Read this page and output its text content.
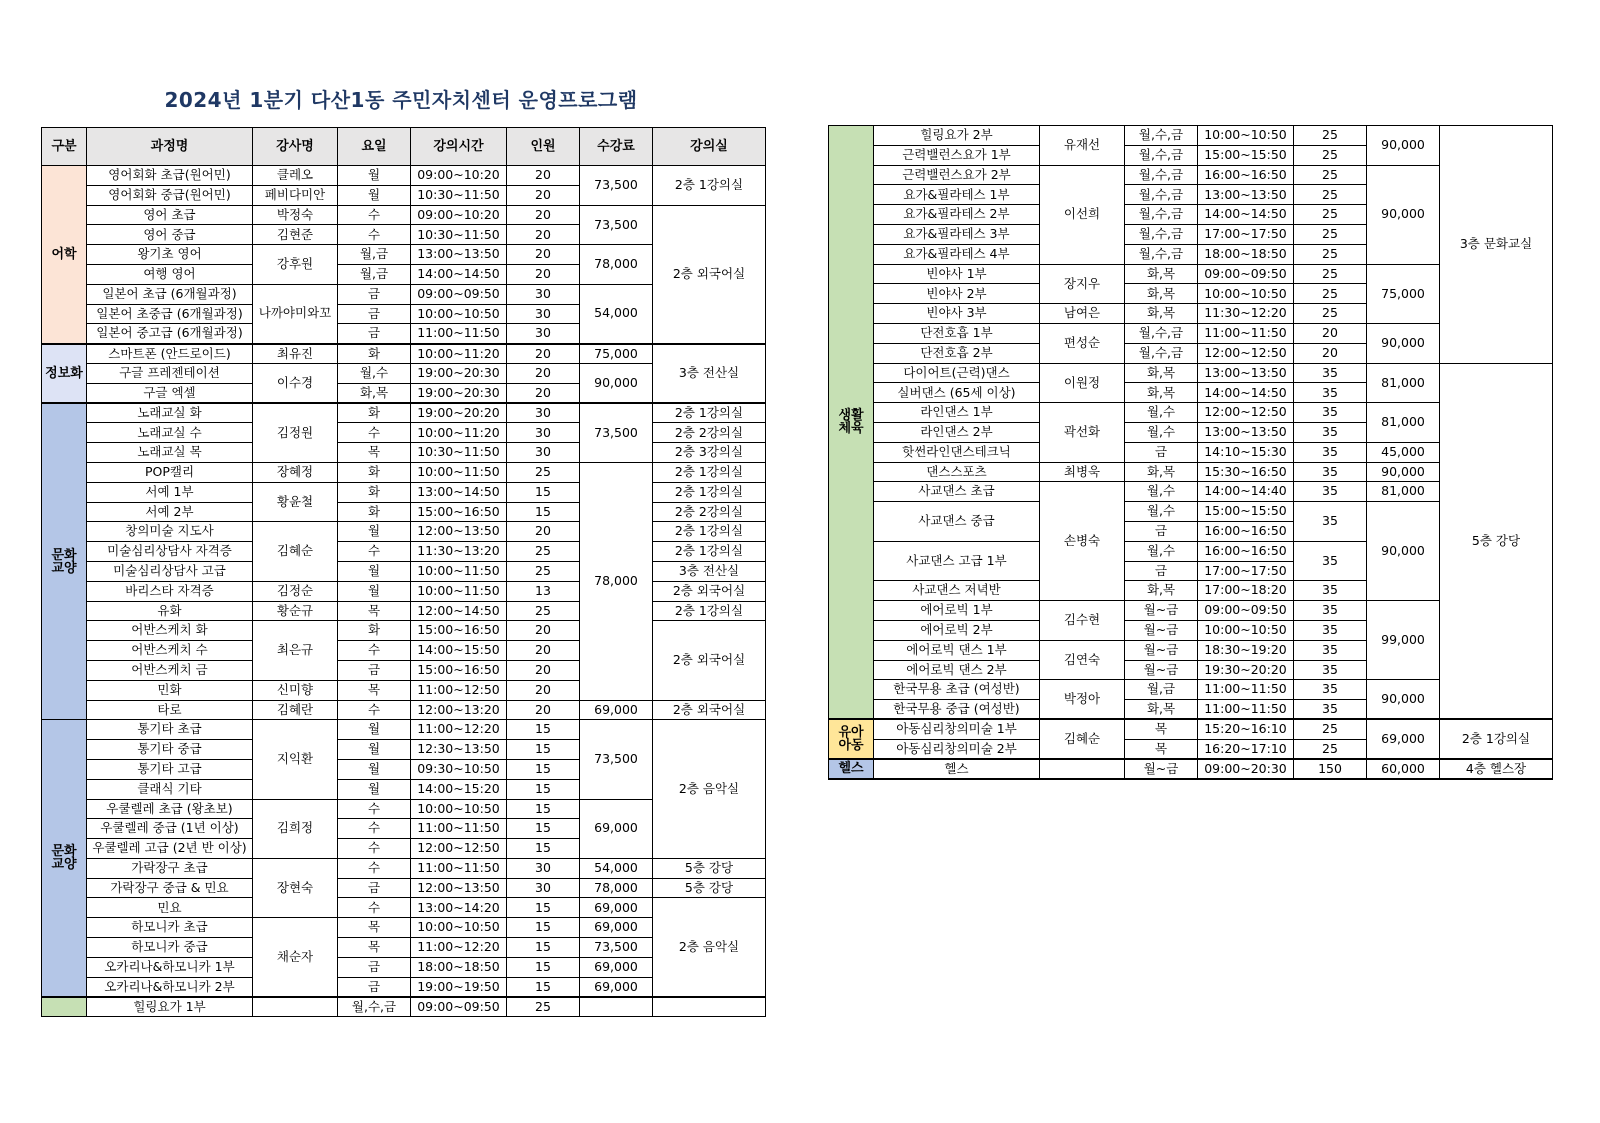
2024년 1분기 다산1동 주민자치센터 운영프로그램
구분	과정명	강사명	요일	강의시간	인원	수강료	강의실
어학	영어회화 초급(원어민)	클레오	월	09:00~10:20	20	73,500	2층 1강의실
	영어회화 중급(원어민)	페비다미안	월	10:30~11:50	20		
	영어 초급	박정숙	수	09:00~10:20	20	73,500	2층 외국어실
	영어 중급	김현준	수	10:30~11:50	20		
	왕기초 영어	강후원	월,금	13:00~13:50	20	78,000	
	여행 영어		월,금	14:00~14:50	20		
	일본어 초급 (6개월과정)	나까야미와꼬	금	09:00~09:50	30	54,000	
	일본어 초중급 (6개월과정)		금	10:00~10:50	30		
	일본어 중고급 (6개월과정)		금	11:00~11:50	30		
정보화	스마트폰 (안드로이드)	최유진	화	10:00~11:20	20	75,000	3층 전산실
	구글 프레젠테이션	이수경	월,수	19:00~20:30	20	90,000	
	구글 엑셀		화,목	19:00~20:30	20		
문화
교양	노래교실 화	김정원	화	19:00~20:20	30	73,500	2층 1강의실
	노래교실 수		수	10:00~11:20	30		2층 2강의실
	노래교실 목		목	10:30~11:50	30		2층 3강의실
	POP캘리	장혜정	화	10:00~11:50	25	78,000	2층 1강의실
	서예 1부	황윤철	화	13:00~14:50	15		2층 1강의실
	서예 2부		화	15:00~16:50	15		2층 2강의실
	창의미술 지도사	김혜순	월	12:00~13:50	20		2층 1강의실
	미술심리상담사 자격증		수	11:30~13:20	25		2층 1강의실
	미술심리상담사 고급		월	10:00~11:50	25		3층 전산실
	바리스타 자격증	김정순	월	10:00~11:50	13		2층 외국어실
	유화	황순규	목	12:00~14:50	25		2층 1강의실
	어반스케치 화	최은규	화	15:00~16:50	20		2층 외국어실
	어반스케치 수		수	14:00~15:50	20		
	어반스케치 금		금	15:00~16:50	20		
	민화	신미향	목	11:00~12:50	20		
	타로	김혜란	수	12:00~13:20	20	69,000	2층 외국어실
문화
교양	통기타 초급	지익환	월	11:00~12:20	15	73,500	2층 음악실
	통기타 중급		월	12:30~13:50	15		
	통기타 고급		월	09:30~10:50	15		
	클래식 기타		월	14:00~15:20	15		
	우쿨렐레 초급 (왕초보)	김희정	수	10:00~10:50	15	69,000	
	우쿨렐레 중급 (1년 이상)		수	11:00~11:50	15		
	우쿨렐레 고급 (2년 반 이상)		수	12:00~12:50	15		
	가락장구 초급	장현숙	수	11:00~11:50	30	54,000	5층 강당
	가락장구 중급 & 민요		금	12:00~13:50	30	78,000	5층 강당
	민요		수	13:00~14:20	15	69,000	2층 음악실
	하모니카 초급	채순자	목	10:00~10:50	15	69,000	
	하모니카 중급		목	11:00~12:20	15	73,500	
	오카리나&하모니카 1부		금	18:00~18:50	15	69,000	
	오카리나&하모니카 2부		금	19:00~19:50	15	69,000	
	힐링요가 1부		월,수,금	09:00~09:50	25		
생활
체육	힐링요가 2부	유재선	월,수,금	10:00~10:50	25	90,000	3층 문화교실
	근력밸런스요가 1부		월,수,금	15:00~15:50	25		
	근력밸런스요가 2부	이선희	월,수,금	16:00~16:50	25	90,000	
	요가&필라테스 1부		월,수,금	13:00~13:50	25		
	요가&필라테스 2부		월,수,금	14:00~14:50	25		
	요가&필라테스 3부		월,수,금	17:00~17:50	25		
	요가&필라테스 4부		월,수,금	18:00~18:50	25		
	빈야사 1부	장지우	화,목	09:00~09:50	25	75,000	
	빈야사 2부		화,목	10:00~10:50	25		
	빈야사 3부	남여은	화,목	11:30~12:20	25		
	단전호흡 1부	편성순	월,수,금	11:00~11:50	20	90,000	
	단전호흡 2부		월,수,금	12:00~12:50	20		
	다이어트(근력)댄스	이원정	화,목	13:00~13:50	35	81,000	5층 강당
	실버댄스 (65세 이상)		화,목	14:00~14:50	35		
	라인댄스 1부	곽선화	월,수	12:00~12:50	35	81,000	
	라인댄스 2부		월,수	13:00~13:50	35		
	핫썬라인댄스테크닉		금	14:10~15:30	35	45,000	
	댄스스포츠	최병욱	화,목	15:30~16:50	35	90,000	
	사교댄스 초급	손병숙	월,수	14:00~14:40	35	81,000	
	사교댄스 중급		월,수	15:00~15:50	35	90,000	
			금	16:00~16:50			
	사교댄스 고급 1부		월,수	16:00~16:50	35		
			금	17:00~17:50			
	사교댄스 저녁반		화,목	17:00~18:20	35		
	에어로빅 1부	김수현	월~금	09:00~09:50	35	99,000	
	에어로빅 2부		월~금	10:00~10:50	35		
	에어로빅 댄스 1부	김연숙	월~금	18:30~19:20	35		
	에어로빅 댄스 2부		월~금	19:30~20:20	35		
	한국무용 초급 (여성반)	박정아	월,금	11:00~11:50	35	90,000	
	한국무용 중급 (여성반)		화,목	11:00~11:50	35		
유아
아동	아동심리창의미술 1부	김혜순	목	15:20~16:10	25	69,000	2층 1강의실
	아동심리창의미술 2부		목	16:20~17:10	25		
헬스	헬스		월~금	09:00~20:30	150	60,000	4층 헬스장
